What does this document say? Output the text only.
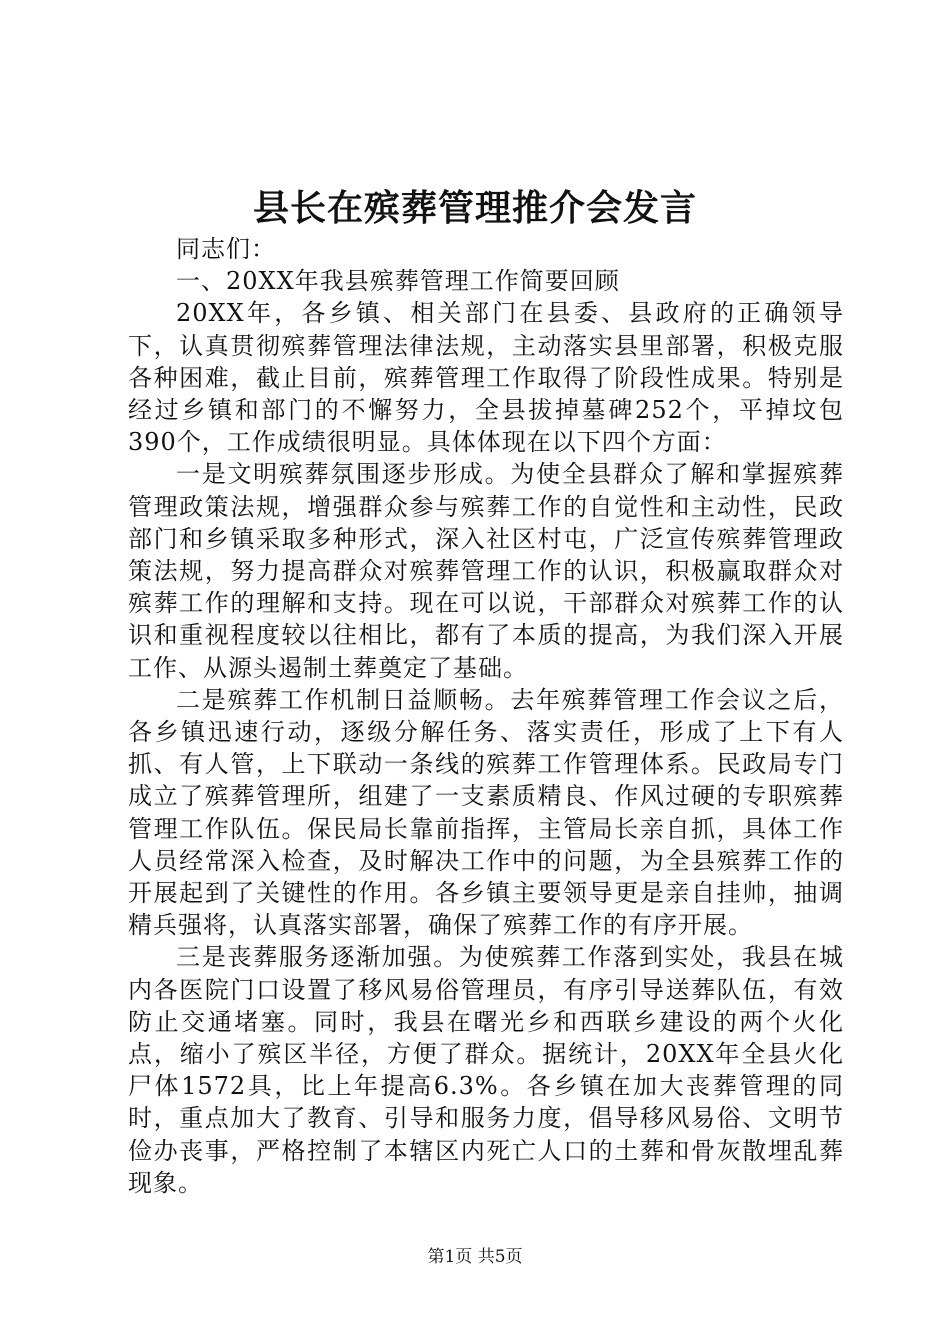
县长在殡葬管理推介会发言

同志们：

一、20XX年我县殡葬管理工作简要回顾

20XX年，各乡镇、相关部门在县委、县政府的正确领导下，认真贯彻殡葬管理法律法规，主动落实县里部署，积极克服各种困难，截止目前，殡葬管理工作取得了阶段性成果。特别是经过乡镇和部门的不懈努力，全县拔掉墓碑252个，平掉坟包390个，工作成绩很明显。具体体现在以下四个方面：

一是文明殡葬氛围逐步形成。为使全县群众了解和掌握殡葬管理政策法规，增强群众参与殡葬工作的自觉性和主动性，民政部门和乡镇采取多种形式，深入社区村屯，广泛宣传殡葬管理政策法规，努力提高群众对殡葬管理工作的认识，积极赢取群众对殡葬工作的理解和支持。现在可以说，干部群众对殡葬工作的认识和重视程度较以往相比，都有了本质的提高，为我们深入开展工作、从源头遏制土葬奠定了基础。

二是殡葬工作机制日益顺畅。去年殡葬管理工作会议之后，各乡镇迅速行动，逐级分解任务、落实责任，形成了上下有人抓、有人管，上下联动一条线的殡葬工作管理体系。民政局专门成立了殡葬管理所，组建了一支素质精良、作风过硬的专职殡葬管理工作队伍。保民局长靠前指挥，主管局长亲自抓，具体工作人员经常深入检查，及时解决工作中的问题，为全县殡葬工作的开展起到了关键性的作用。各乡镇主要领导更是亲自挂帅，抽调精兵强将，认真落实部署，确保了殡葬工作的有序开展。

三是丧葬服务逐渐加强。为使殡葬工作落到实处，我县在城内各医院门口设置了移风易俗管理员，有序引导送葬队伍，有效防止交通堵塞。同时，我县在曙光乡和西联乡建设的两个火化点，缩小了殡区半径，方便了群众。据统计，20XX年全县火化尸体1572具，比上年提高6.3%。各乡镇在加大丧葬管理的同时，重点加大了教育、引导和服务力度，倡导移风易俗、文明节俭办丧事，严格控制了本辖区内死亡人口的土葬和骨灰散埋乱葬现象。

第1页 共5页
